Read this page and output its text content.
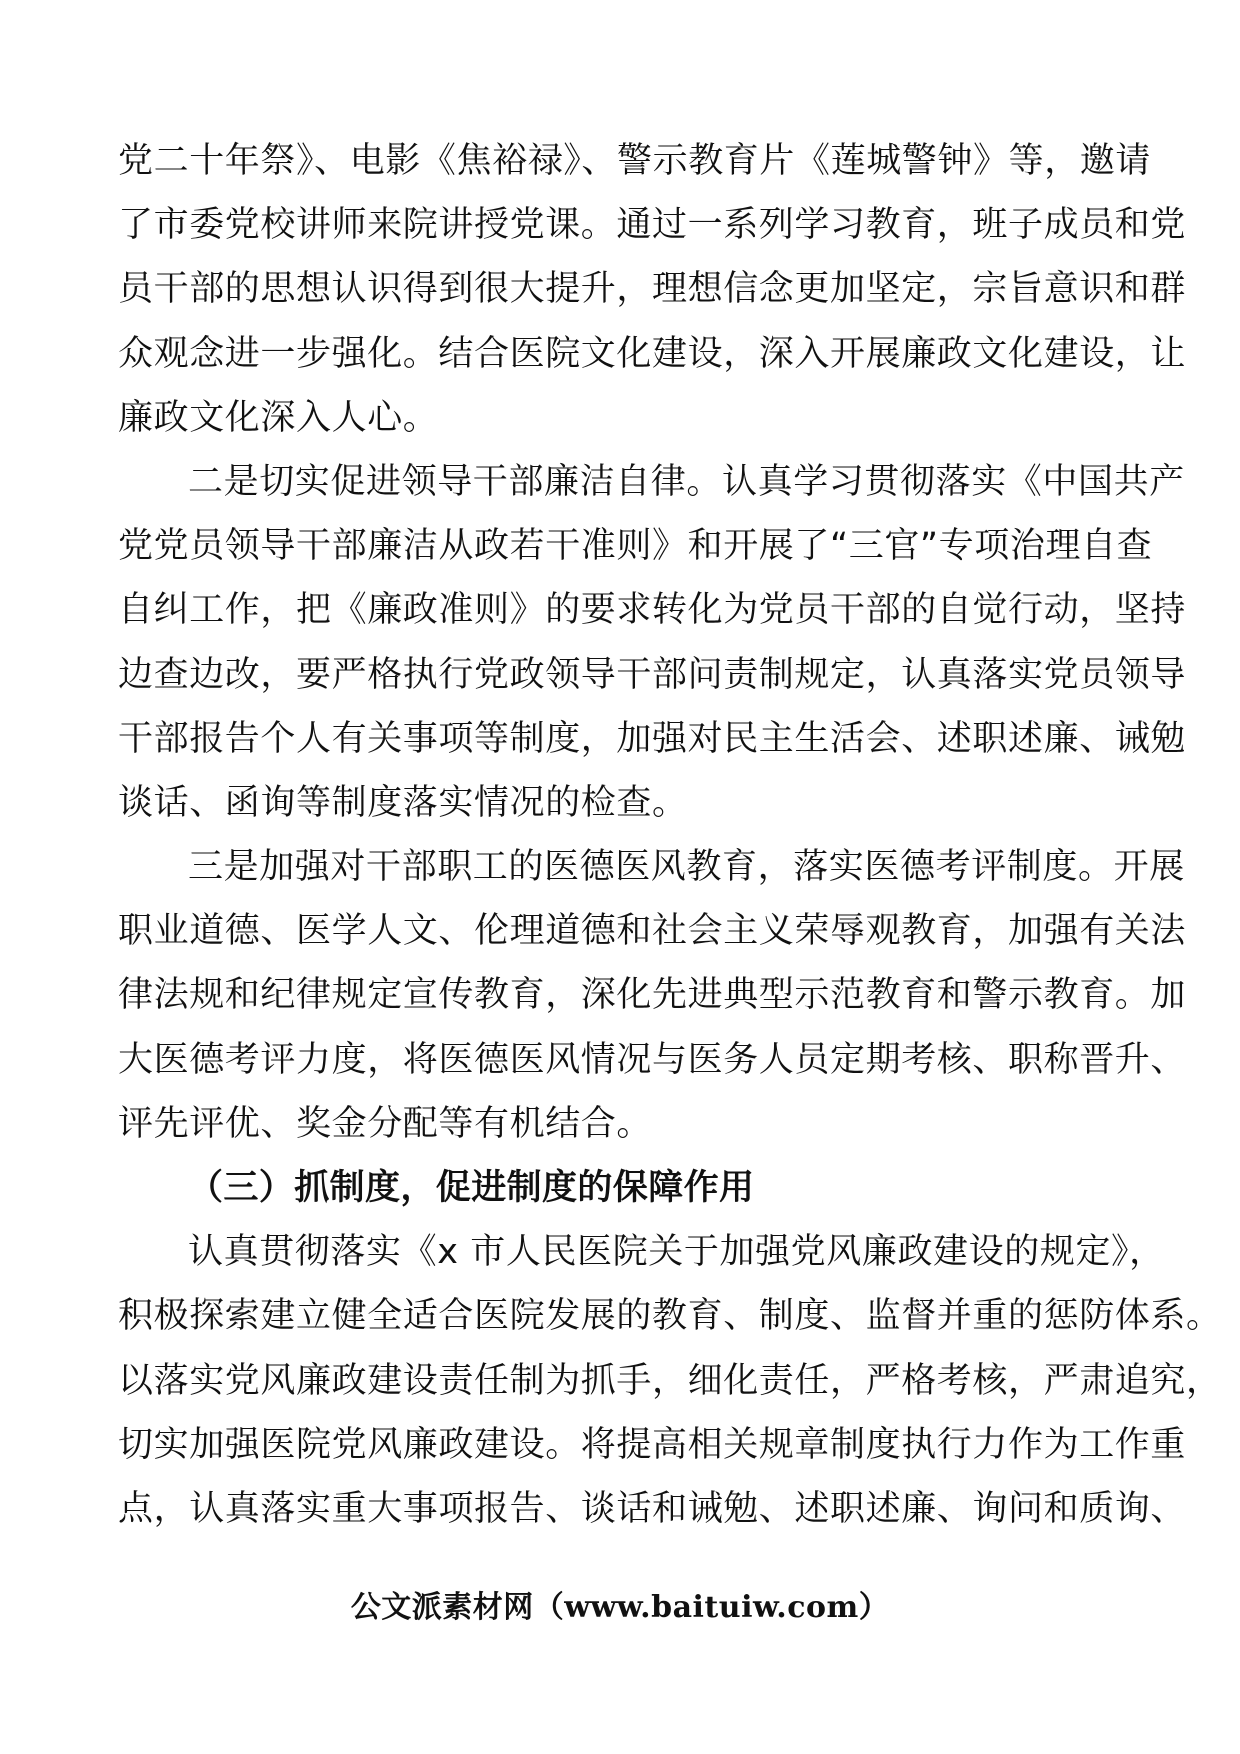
党二十年祭》、电影《焦裕禄》、警示教育片《莲城警钟》等，邀请
了市委党校讲师来院讲授党课。通过一系列学习教育，班子成员和党
员干部的思想认识得到很大提升，理想信念更加坚定，宗旨意识和群
众观念进一步强化。结合医院文化建设，深入开展廉政文化建设，让
廉政文化深入人心。
二是切实促进领导干部廉洁自律。认真学习贯彻落实《中国共产
党党员领导干部廉洁从政若干准则》和开展了“三官”专项治理自查
自纠工作，把《廉政准则》的要求转化为党员干部的自觉行动，坚持
边查边改，要严格执行党政领导干部问责制规定，认真落实党员领导
干部报告个人有关事项等制度，加强对民主生活会、述职述廉、诫勉
谈话、函询等制度落实情况的检查。
三是加强对干部职工的医德医风教育，落实医德考评制度。开展
职业道德、医学人文、伦理道德和社会主义荣辱观教育，加强有关法
律法规和纪律规定宣传教育，深化先进典型示范教育和警示教育。加
大医德考评力度，将医德医风情况与医务人员定期考核、职称晋升、
评先评优、奖金分配等有机结合。
（三）抓制度，促进制度的保障作用
认真贯彻落实《x 市人民医院关于加强党风廉政建设的规定》，
积极探索建立健全适合医院发展的教育、制度、监督并重的惩防体系。
以落实党风廉政建设责任制为抓手，细化责任，严格考核，严肃追究，
切实加强医院党风廉政建设。将提高相关规章制度执行力作为工作重
点，认真落实重大事项报告、谈话和诫勉、述职述廉、询问和质询、
公文派素材网（www.baituiw.com）
